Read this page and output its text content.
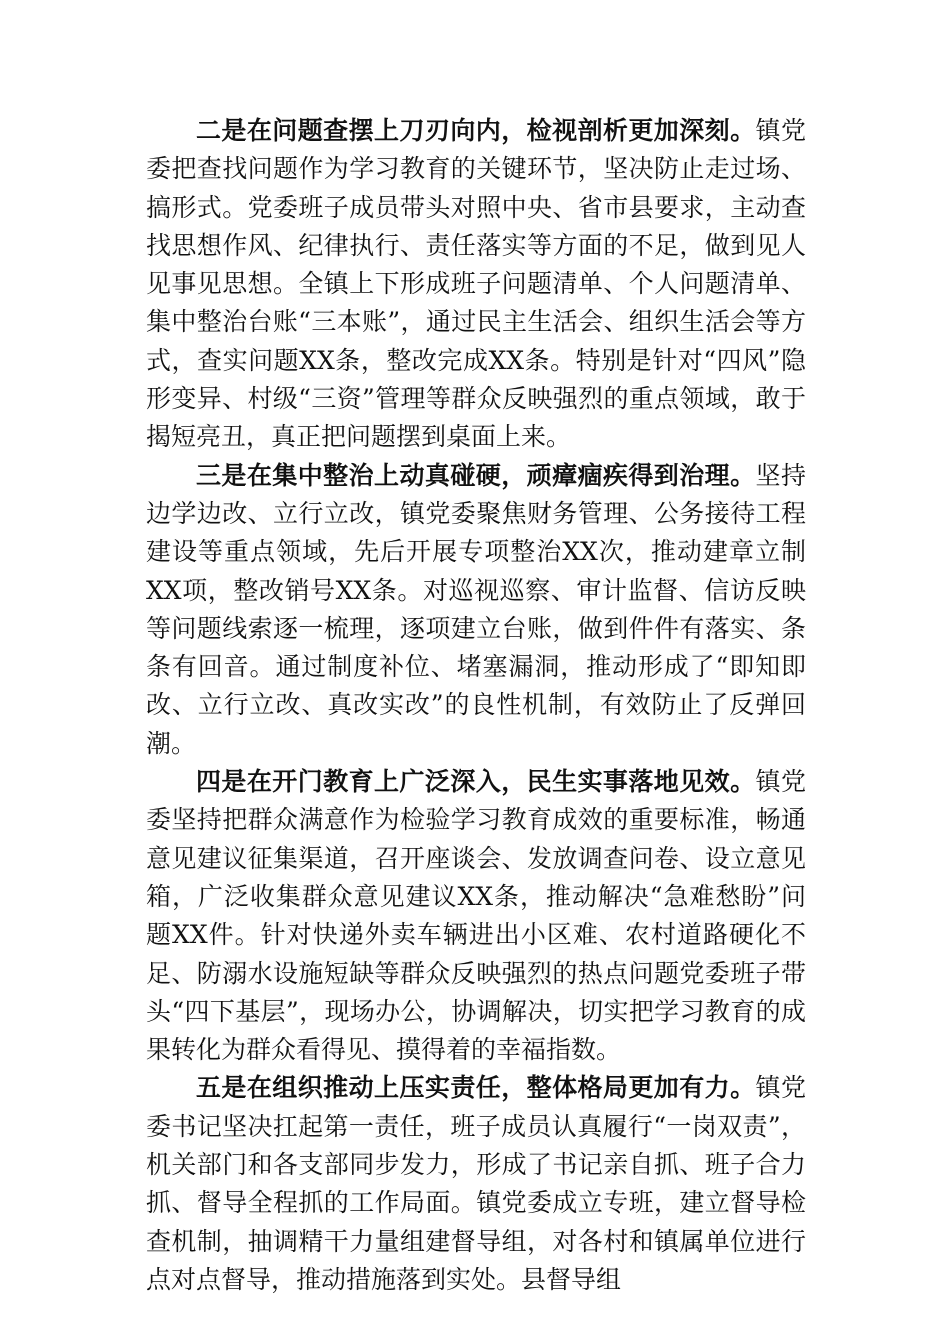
二是在问题查摆上刀刃向内，检视剖析更加深刻。镇党委把查找问题作为学习教育的关键环节，坚决防止走过场、搞形式。党委班子成员带头对照中央、省市县要求，主动查找思想作风、纪律执行、责任落实等方面的不足，做到见人见事见思想。全镇上下形成班子问题清单、个人问题清单、集中整治台账“三本账”，通过民主生活会、组织生活会等方式，查实问题XX条，整改完成XX条。特别是针对“四风”隐形变异、村级“三资”管理等群众反映强烈的重点领域，敢于揭短亮丑，真正把问题摆到桌面上来。

三是在集中整治上动真碰硬，顽瘴痼疾得到治理。坚持边学边改、立行立改，镇党委聚焦财务管理、公务接待工程建设等重点领域，先后开展专项整治XX次，推动建章立制XX项，整改销号XX条。对巡视巡察、审计监督、信访反映等问题线索逐一梳理，逐项建立台账，做到件件有落实、条条有回音。通过制度补位、堵塞漏洞，推动形成了“即知即改、立行立改、真改实改”的良性机制，有效防止了反弹回潮。

四是在开门教育上广泛深入，民生实事落地见效。镇党委坚持把群众满意作为检验学习教育成效的重要标准，畅通意见建议征集渠道，召开座谈会、发放调查问卷、设立意见箱，广泛收集群众意见建议XX条，推动解决“急难愁盼”问题XX件。针对快递外卖车辆进出小区难、农村道路硬化不足、防溺水设施短缺等群众反映强烈的热点问题党委班子带头“四下基层”，现场办公，协调解决，切实把学习教育的成果转化为群众看得见、摸得着的幸福指数。

五是在组织推动上压实责任，整体格局更加有力。镇党委书记坚决扛起第一责任，班子成员认真履行“一岗双责”，机关部门和各支部同步发力，形成了书记亲自抓、班子合力抓、督导全程抓的工作局面。镇党委成立专班，建立督导检查机制，抽调精干力量组建督导组，对各村和镇属单位进行点对点督导，推动措施落到实处。县督导组
